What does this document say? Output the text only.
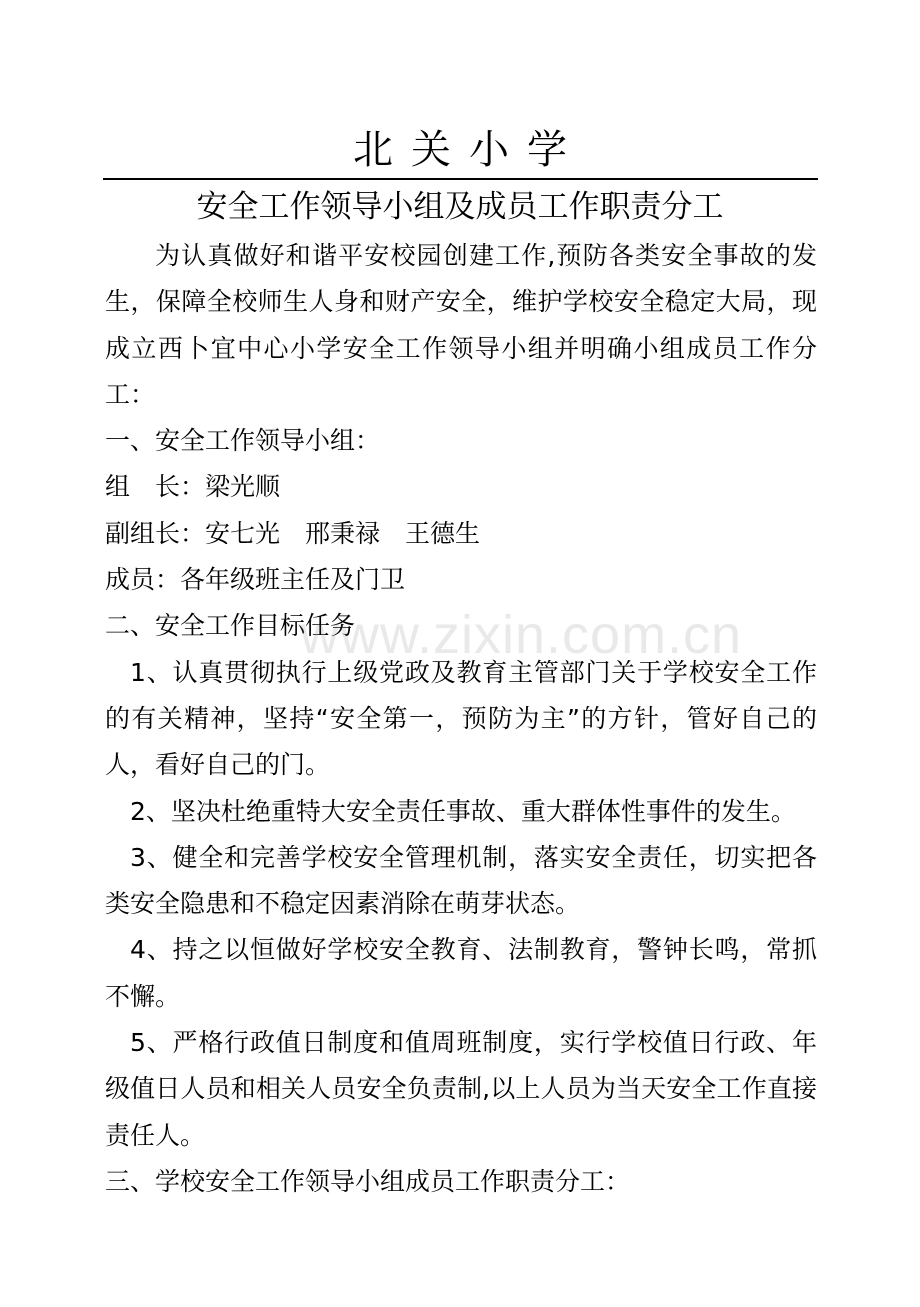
北关小学
安全工作领导小组及成员工作职责分工

为认真做好和谐平安校园创建工作,预防各类安全事故的发生，保障全校师生人身和财产安全，维护学校安全稳定大局，现成立西卜宜中心小学安全工作领导小组并明确小组成员工作分工：

一、安全工作领导小组：

组　长：梁光顺

副组长：安七光　邢秉禄　王德生

成员：各年级班主任及门卫

二、安全工作目标任务

1、认真贯彻执行上级党政及教育主管部门关于学校安全工作的有关精神，坚持“安全第一，预防为主”的方针，管好自己的人，看好自己的门。

2、坚决杜绝重特大安全责任事故、重大群体性事件的发生。

3、健全和完善学校安全管理机制，落实安全责任，切实把各类安全隐患和不稳定因素消除在萌芽状态。

4、持之以恒做好学校安全教育、法制教育，警钟长鸣，常抓不懈。

5、严格行政值日制度和值周班制度，实行学校值日行政、年级值日人员和相关人员安全负责制,以上人员为当天安全工作直接责任人。

三、学校安全工作领导小组成员工作职责分工：

www.zixin.com.cn
